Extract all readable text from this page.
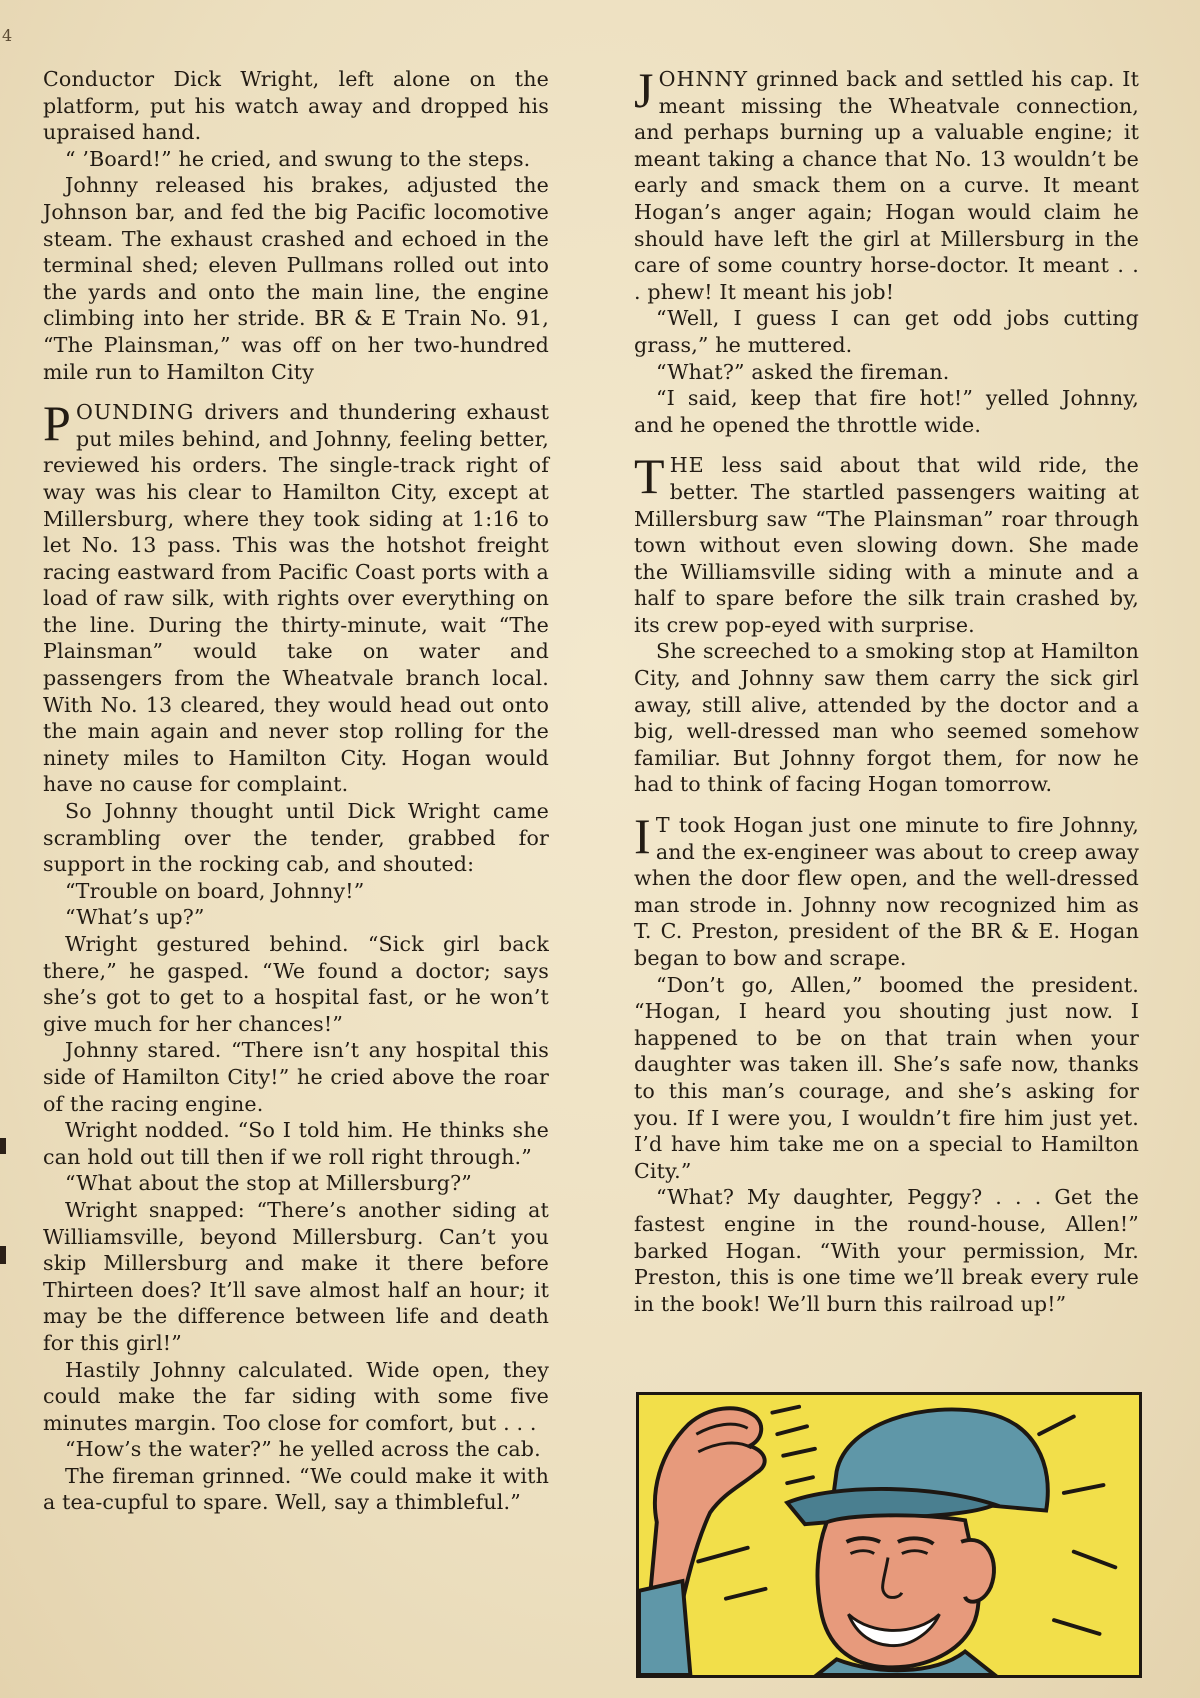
4

Conductor Dick Wright, left alone on the platform, put his watch away and dropped his upraised hand.

“ ’Board!” he cried, and swung to the steps.

Johnny released his brakes, adjusted the Johnson bar, and fed the big Pacific locomotive steam. The exhaust crashed and echoed in the terminal shed; eleven Pullmans rolled out into the yards and onto the main line, the engine climbing into her stride. BR & E Train No. 91, “The Plainsman,” was off on her two-hundred mile run to Hamilton City

POUNDING drivers and thundering exhaust put miles behind, and Johnny, feeling better, reviewed his orders. The single-track right of way was his clear to Hamilton City, except at Millersburg, where they took siding at 1:16 to let No. 13 pass. This was the hotshot freight racing eastward from Pacific Coast ports with a load of raw silk, with rights over everything on the line. During the thirty-minute, wait “The Plainsman” would take on water and passengers from the Wheatvale branch local. With No. 13 cleared, they would head out onto the main again and never stop rolling for the ninety miles to Hamilton City. Hogan would have no cause for complaint.

So Johnny thought until Dick Wright came scrambling over the tender, grabbed for support in the rocking cab, and shouted:

“Trouble on board, Johnny!”

“What’s up?”

Wright gestured behind. “Sick girl back there,” he gasped. “We found a doctor; says she’s got to get to a hospital fast, or he won’t give much for her chances!”

Johnny stared. “There isn’t any hospital this side of Hamilton City!” he cried above the roar of the racing engine.

Wright nodded. “So I told him. He thinks she can hold out till then if we roll right through.”

“What about the stop at Millersburg?”

Wright snapped: “There’s another siding at Williamsville, beyond Millersburg. Can’t you skip Millersburg and make it there before Thirteen does? It’ll save almost half an hour; it may be the difference between life and death for this girl!”

Hastily Johnny calculated. Wide open, they could make the far siding with some five minutes margin. Too close for comfort, but . . .

“How’s the water?” he yelled across the cab.

The fireman grinned. “We could make it with a tea-cupful to spare. Well, say a thimbleful.”

JOHNNY grinned back and settled his cap. It meant missing the Wheatvale connection, and perhaps burning up a valuable engine; it meant taking a chance that No. 13 wouldn’t be early and smack them on a curve. It meant Hogan’s anger again; Hogan would claim he should have left the girl at Millersburg in the care of some country horse-doctor. It meant . . . phew! It meant his job!

“Well, I guess I can get odd jobs cutting grass,” he muttered.

“What?” asked the fireman.

“I said, keep that fire hot!” yelled Johnny, and he opened the throttle wide.

THE less said about that wild ride, the better. The startled passengers waiting at Millersburg saw “The Plainsman” roar through town without even slowing down. She made the Williamsville siding with a minute and a half to spare before the silk train crashed by, its crew pop-eyed with surprise.

She screeched to a smoking stop at Hamilton City, and Johnny saw them carry the sick girl away, still alive, attended by the doctor and a big, well-dressed man who seemed somehow familiar. But Johnny forgot them, for now he had to think of facing Hogan tomorrow.

I T took Hogan just one minute to fire Johnny, and the ex-engineer was about to creep away when the door flew open, and the well-dressed man strode in. Johnny now recognized him as T. C. Preston, president of the BR & E. Hogan began to bow and scrape.

“Don’t go, Allen,” boomed the president. “Hogan, I heard you shouting just now. I happened to be on that train when your daughter was taken ill. She’s safe now, thanks to this man’s courage, and she’s asking for you. If I were you, I wouldn’t fire him just yet. I’d have him take me on a special to Hamilton City.”

“What? My daughter, Peggy? . . . Get the fastest engine in the round-house, Allen!” barked Hogan. “With your permission, Mr. Preston, this is one time we’ll break every rule in the book! We’ll burn this railroad up!”
